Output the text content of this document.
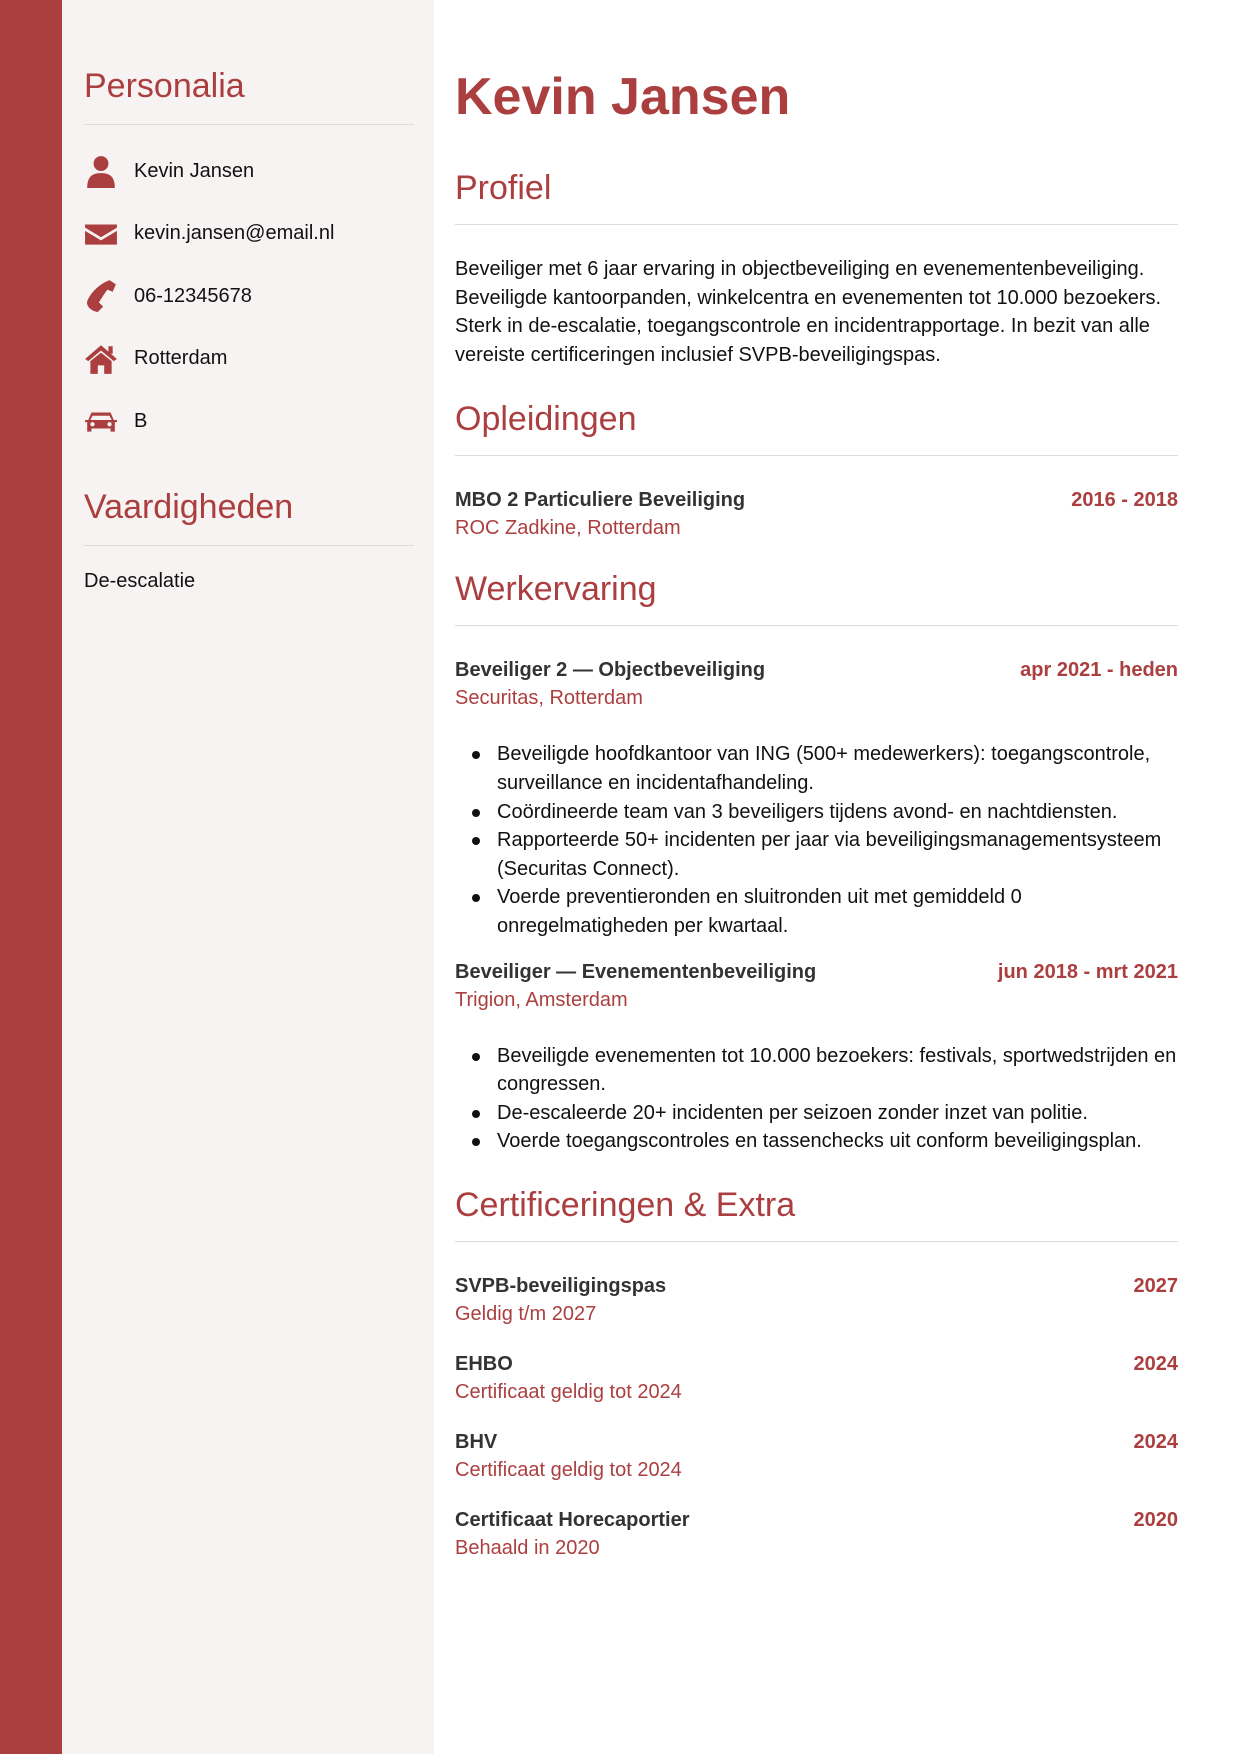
Personalia
Kevin Jansen
kevin.jansen@email.nl
06-12345678
Rotterdam
B
Vaardigheden
De-escalatie
Kevin Jansen
Profiel

Beveiliger met 6 jaar ervaring in objectbeveiliging en evenementenbeveiliging. Beveiligde kantoorpanden, winkelcentra en evenementen tot 10.000 bezoekers. Sterk in de-escalatie, toegangscontrole en incidentrapportage. In bezit van alle vereiste certificeringen inclusief SVPB-beveiligingspas.

Opleidingen
MBO 2 Particuliere Beveiliging	2016 - 2018
ROC Zadkine, Rotterdam
Werkervaring
Beveiliger 2 — Objectbeveiliging	apr 2021 - heden
Securitas, Rotterdam
Beveiligde hoofdkantoor van ING (500+ medewerkers): toegangscontrole, surveillance en incidentafhandeling.
Coördineerde team van 3 beveiligers tijdens avond- en nachtdiensten.
Rapporteerde 50+ incidenten per jaar via beveiligingsmanagementsysteem (Securitas Connect).
Voerde preventieronden en sluitronden uit met gemiddeld 0 onregelmatigheden per kwartaal.
Beveiliger — Evenementenbeveiliging	jun 2018 - mrt 2021
Trigion, Amsterdam
Beveiligde evenementen tot 10.000 bezoekers: festivals, sportwedstrijden en congressen.
De-escaleerde 20+ incidenten per seizoen zonder inzet van politie.
Voerde toegangscontroles en tassenchecks uit conform beveiligingsplan.
Certificeringen & Extra
SVPB-beveiligingspas	2027
Geldig t/m 2027
EHBO	2024
Certificaat geldig tot 2024
BHV	2024
Certificaat geldig tot 2024
Certificaat Horecaportier	2020
Behaald in 2020
